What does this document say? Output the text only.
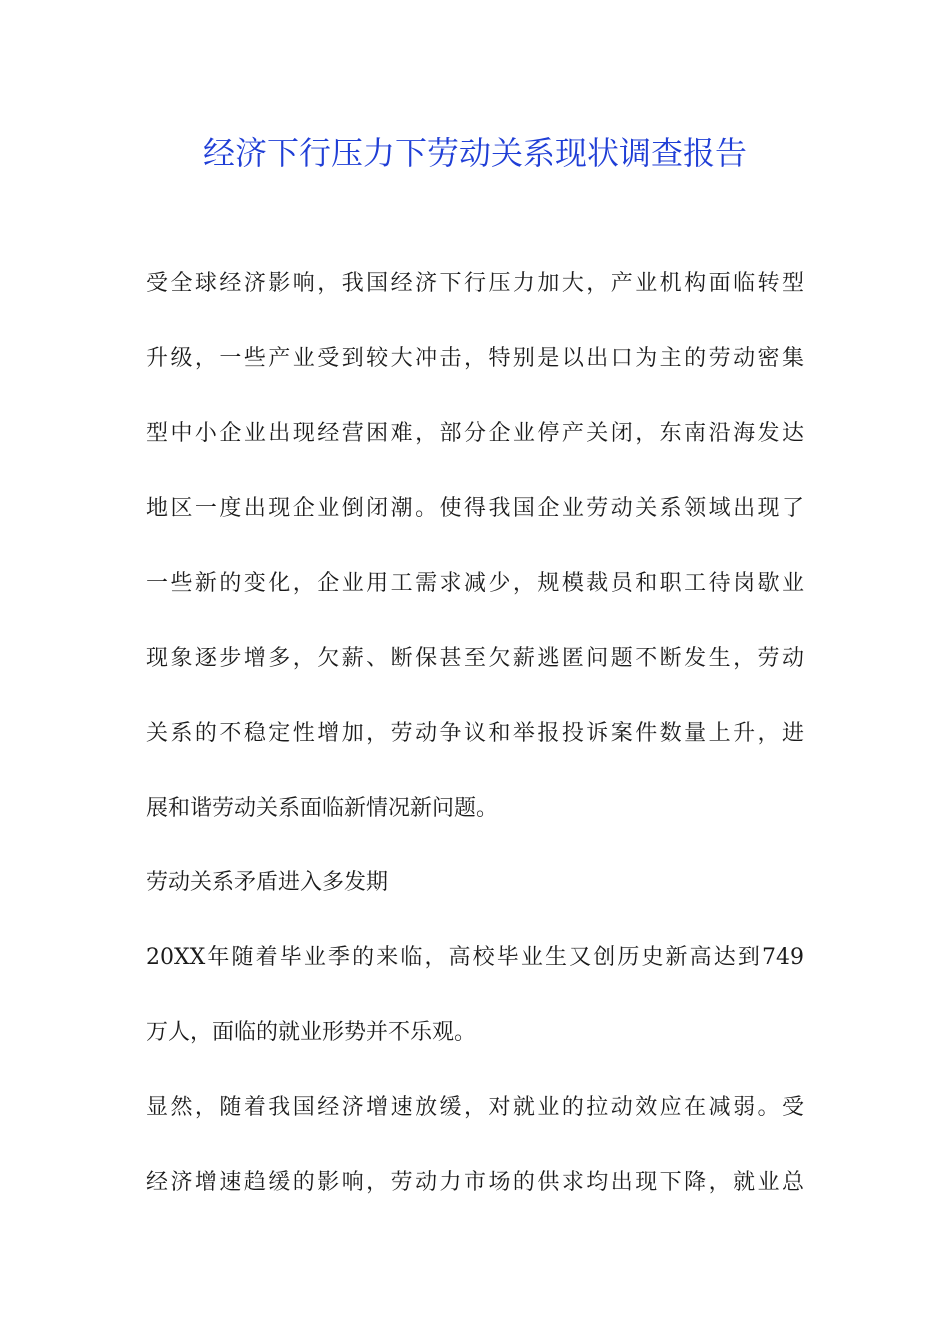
经济下行压力下劳动关系现状调查报告

受全球经济影响，我国经济下行压力加大，产业机构面临转型

升级，一些产业受到较大冲击，特别是以出口为主的劳动密集

型中小企业出现经营困难，部分企业停产关闭，东南沿海发达

地区一度出现企业倒闭潮。使得我国企业劳动关系领域出现了

一些新的变化，企业用工需求减少，规模裁员和职工待岗歇业

现象逐步增多，欠薪、断保甚至欠薪逃匿问题不断发生，劳动

关系的不稳定性增加，劳动争议和举报投诉案件数量上升，进

展和谐劳动关系面临新情况新问题。

劳动关系矛盾进入多发期

20XX年随着毕业季的来临，高校毕业生又创历史新高达到749

万人，面临的就业形势并不乐观。

显然，随着我国经济增速放缓，对就业的拉动效应在减弱。受

经济增速趋缓的影响，劳动力市场的供求均出现下降，就业总
